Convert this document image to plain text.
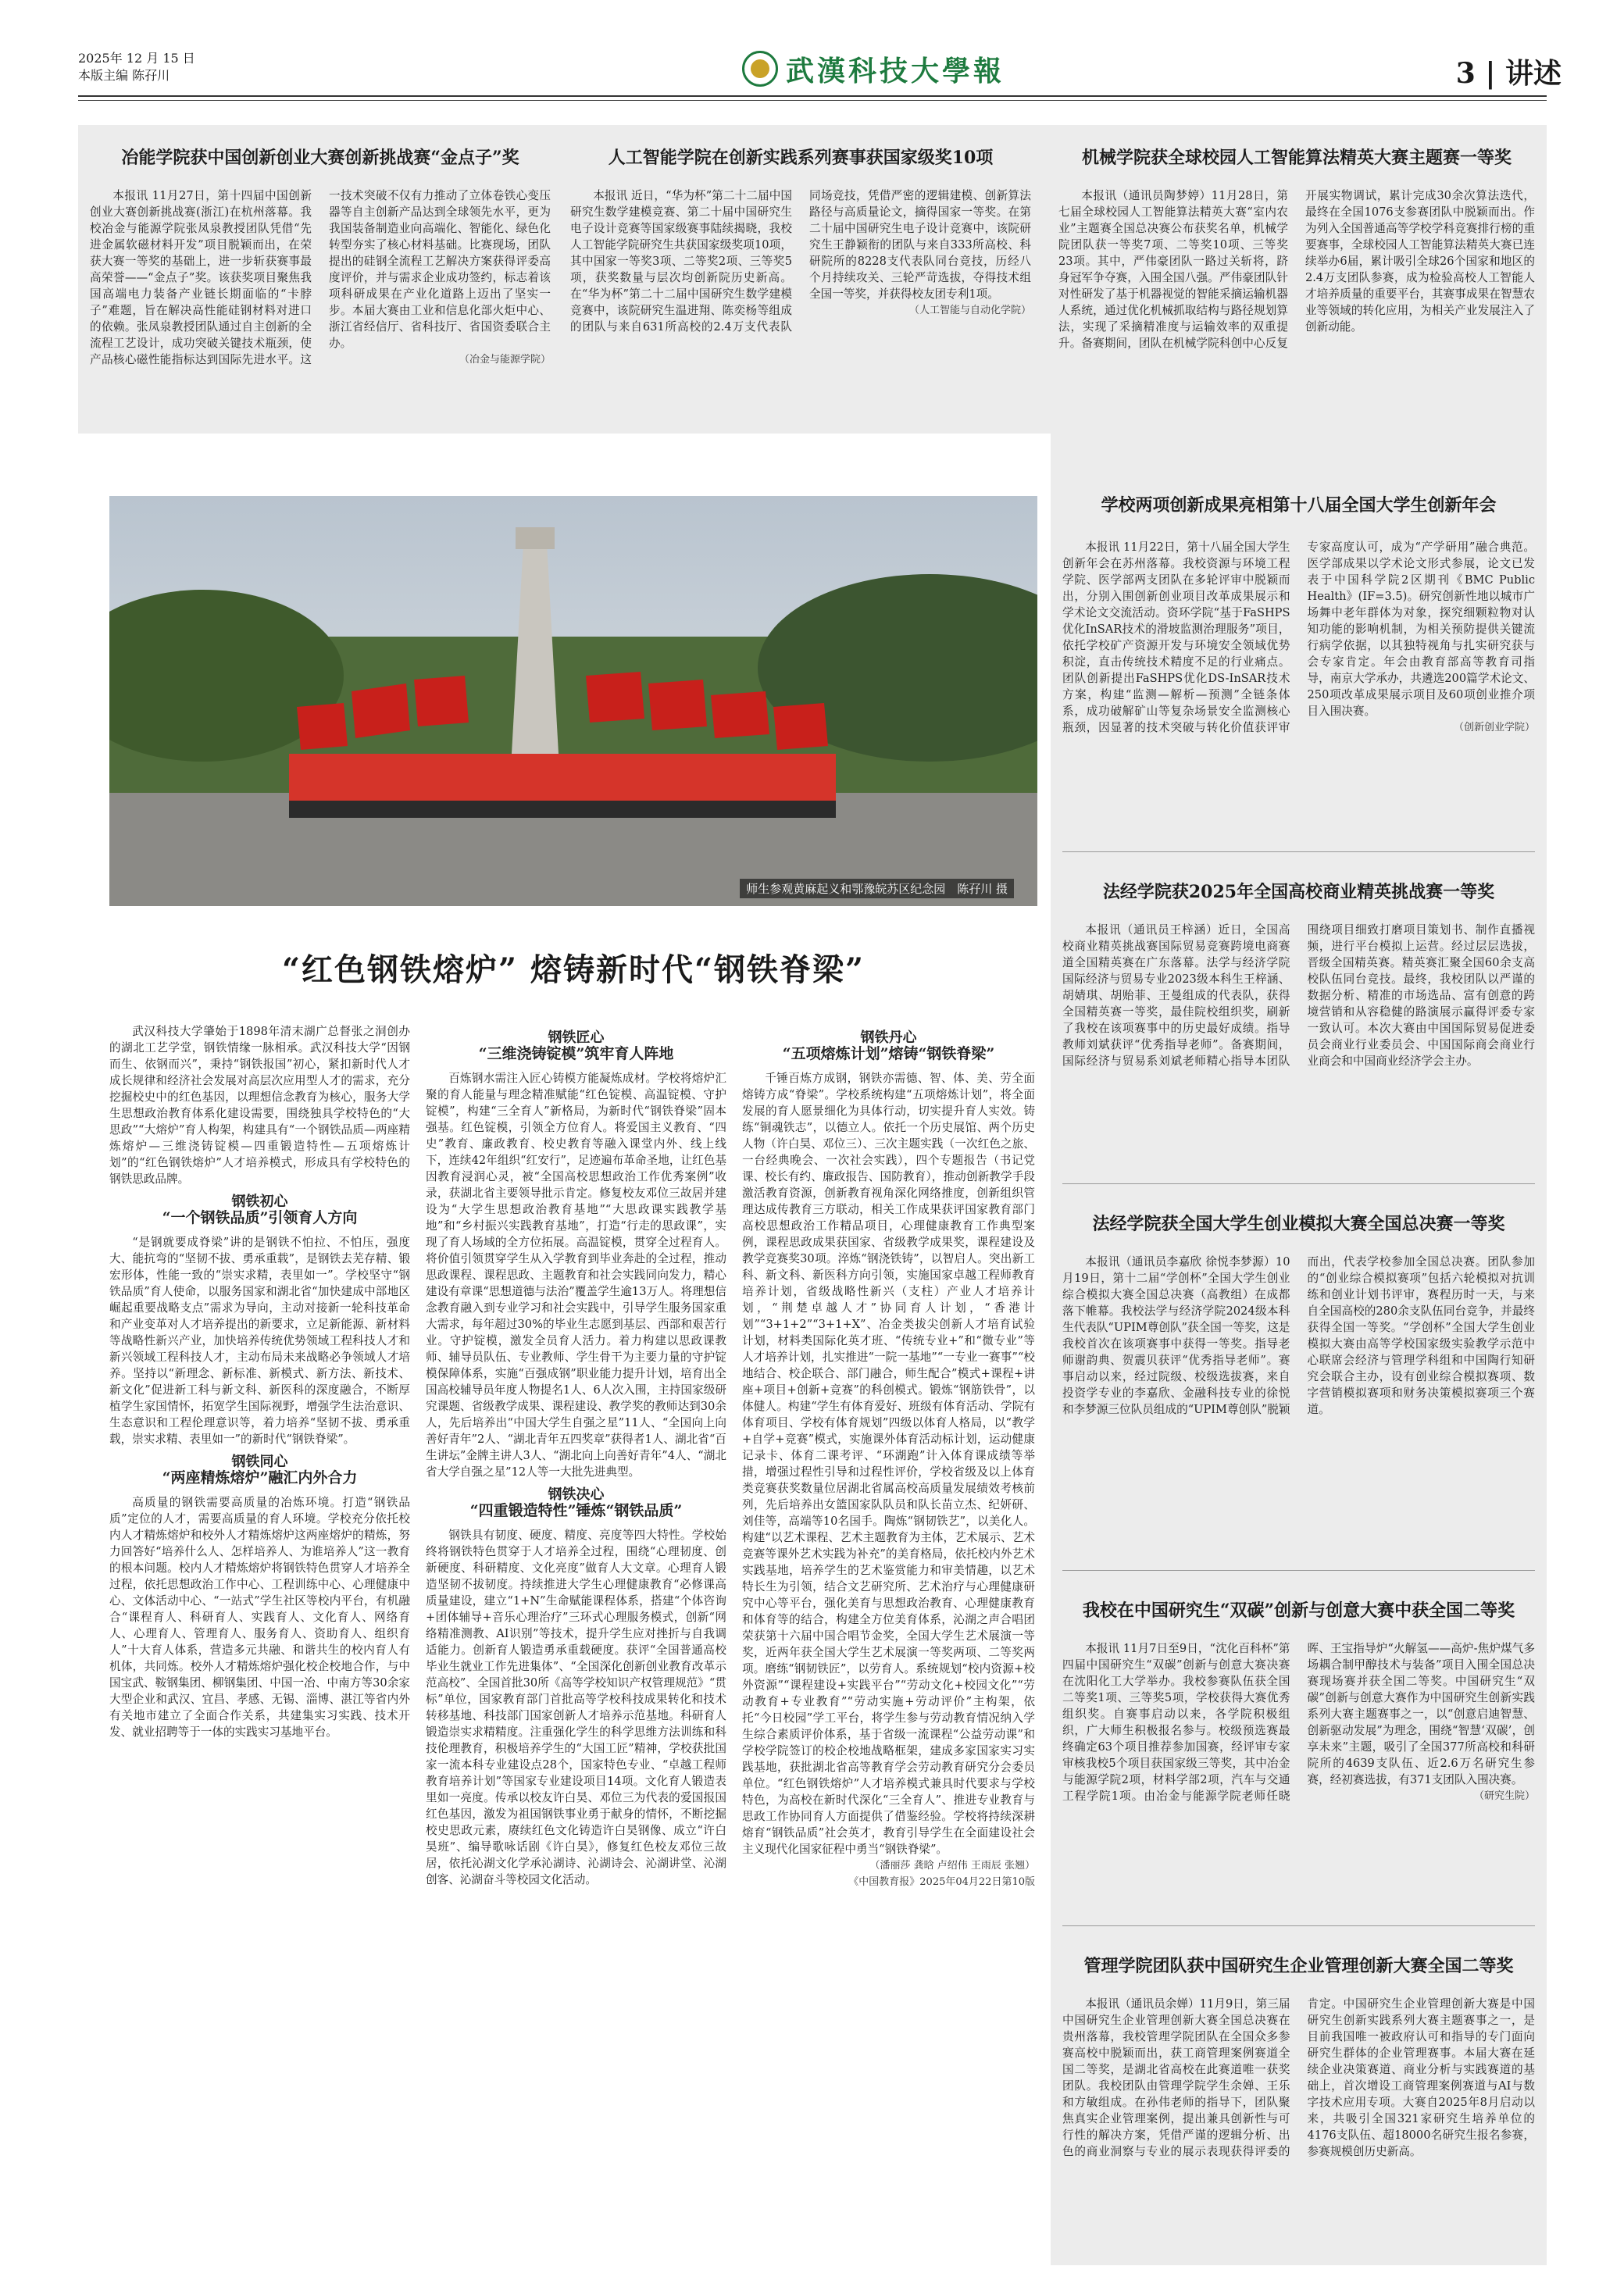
2025年 12 月 15 日
本版主编 陈孖川	武漢科技大學報	3 | 讲述
冶能学院获中国创新创业大赛创新挑战赛“金点子”奖

本报讯 11月27日，第十四届中国创新创业大赛创新挑战赛(浙江)在杭州落幕。我校冶金与能源学院张凤泉教授团队凭借“先进金属软磁材料开发”项目脱颖而出，在荣获大赛一等奖的基础上，进一步斩获赛事最高荣誉——“金点子”奖。该获奖项目聚焦我国高端电力装备产业链长期面临的“卡脖子”难题，旨在解决高性能硅钢材料对进口的依赖。张凤泉教授团队通过自主创新的全流程工艺设计，成功突破关键技术瓶颈，使产品核心磁性能指标达到国际先进水平。这一技术突破不仅有力推动了立体卷铁心变压器等自主创新产品达到全球领先水平，更为我国装备制造业向高端化、智能化、绿色化转型夯实了核心材料基础。比赛现场，团队提出的硅钢全流程工艺解决方案获得评委高度评价，并与需求企业成功签约，标志着该项科研成果在产业化道路上迈出了坚实一步。本届大赛由工业和信息化部火炬中心、浙江省经信厅、省科技厅、省国资委联合主办。

（冶金与能源学院）
人工智能学院在创新实践系列赛事获国家级奖10项

本报讯 近日，“华为杯”第二十二届中国研究生数学建模竞赛、第二十届中国研究生电子设计竞赛等国家级赛事陆续揭晓，我校人工智能学院研究生共获国家级奖项10项，其中国家一等奖3项、二等奖2项、三等奖5项，获奖数量与层次均创新院历史新高。在“华为杯”第二十二届中国研究生数学建模竞赛中，该院研究生温进翔、陈奕杨等组成的团队与来自631所高校的2.4万支代表队同场竞技，凭借严密的逻辑建模、创新算法路径与高质量论文，摘得国家一等奖。在第二十届中国研究生电子设计竞赛中，该院研究生王静颖衔的团队与来自333所高校、科研院所的8228支代表队同台竞技，历经八个月持续攻关、三轮严苛选拔，夺得技术组全国一等奖，并获得校友团专利1项。

（人工智能与自动化学院）
机械学院获全球校园人工智能算法精英大赛主题赛一等奖

本报讯（通讯员陶梦婷）11月28日，第七届全球校园人工智能算法精英大赛“室内农业”主题赛全国总决赛公布获奖名单，机械学院团队获一等奖7项、二等奖10项、三等奖23项。其中，严伟豪团队一路过关斩将，跻身冠军争夺赛，入围全国八强。严伟豪团队针对性研发了基于机器视觉的智能采摘运输机器人系统，通过优化机械抓取结构与路径规划算法，实现了采摘精准度与运输效率的双重提升。备赛期间，团队在机械学院科创中心反复开展实物调试，累计完成30余次算法迭代，最终在全国1076支参赛团队中脱颖而出。作为列入全国普通高等学校学科竞赛排行榜的重要赛事，全球校园人工智能算法精英大赛已连续举办6届，累计吸引全球26个国家和地区的2.4万支团队参赛，成为检验高校人工智能人才培养质量的重要平台，其赛事成果在智慧农业等领域的转化应用，为相关产业发展注入了创新动能。

师生参观黄麻起义和鄂豫皖苏区纪念园　陈孖川 摄
“红色钢铁熔炉” 熔铸新时代“钢铁脊梁”

武汉科技大学肇始于1898年清末湖广总督张之洞创办的湖北工艺学堂，钢铁情缘一脉相承。武汉科技大学“因钢而生、依钢而兴”，秉持“钢铁报国”初心，紧扣新时代人才成长规律和经济社会发展对高层次应用型人才的需求，充分挖掘校史中的红色基因，以理想信念教育为核心，服务大学生思想政治教育体系化建设需要，围绕独具学校特色的“大思政”“大熔炉”育人构架，构建具有“一个钢铁品质—两座精炼熔炉—三维浇铸锭模—四重锻造特性—五项熔炼计划”的“红色钢铁熔炉”人才培养模式，形成具有学校特色的钢铁思政品牌。

钢铁初心
“一个钢铁品质”引领育人方向

“是钢就要成脊梁”讲的是钢铁不怕拉、不怕压，强度大、能抗弯的“坚韧不拔、勇承重载”，是钢铁去芜存精、锻宏形体，性能一致的“崇实求精，表里如一”。学校坚守“钢铁品质”育人使命，以服务国家和湖北省“加快建成中部地区崛起重要战略支点”需求为导向，主动对接新一轮科技革命和产业变革对人才培养提出的新要求，立足新能源、新材料等战略性新兴产业，加快培养传统优势领域工程科技人才和新兴领域工程科技人才，主动布局未来战略必争领域人才培养。坚持以“新理念、新标准、新模式、新方法、新技术、新文化”促进新工科与新文科、新医科的深度融合，不断厚植学生家国情怀，拓宽学生国际视野，增强学生法治意识、生态意识和工程伦理意识等，着力培养“坚韧不拔、勇承重载，崇实求精、表里如一”的新时代“钢铁脊梁”。

钢铁同心
“两座精炼熔炉”融汇内外合力

高质量的钢铁需要高质量的冶炼环境。打造“钢铁品质”定位的人才，需要高质量的育人环境。学校充分依托校内人才精炼熔炉和校外人才精炼熔炉这两座熔炉的精炼，努力回答好“培养什么人、怎样培养人、为谁培养人”这一教育的根本问题。校内人才精炼熔炉将钢铁特色贯穿人才培养全过程，依托思想政治工作中心、工程训练中心、心理健康中心、文体活动中心、“一站式”学生社区等校内平台，有机融合“课程育人、科研育人、实践育人、文化育人、网络育人、心理育人、管理育人、服务育人、资助育人、组织育人”十大育人体系，营造多元共融、和谐共生的校内育人有机体，共同炼。校外人才精炼熔炉强化校企校地合作，与中国宝武、鞍钢集团、柳钢集团、中国一冶、中南方等30余家大型企业和武汉、宜昌、孝感、无锡、淄博、湛江等省内外有关地市建立了全面合作关系，共建集实习实践、技术开发、就业招聘等于一体的实践实习基地平台。

钢铁匠心
“三维浇铸锭模”筑牢育人阵地

百炼钢水需注入匠心铸模方能凝炼成材。学校将熔炉汇聚的育人能量与理念精准赋能“红色锭模、高温锭模、守护锭模”，构建“三全育人”新格局，为新时代“钢铁脊梁”固本强基。红色锭模，引领全方位育人。将爱国主义教育、“四史”教育、廉政教育、校史教育等融入课堂内外、线上线下，连续42年组织“红安行”，足迹遍布革命圣地，让红色基因教育浸润心灵，被“全国高校思想政治工作优秀案例”收录，获湖北省主要领导批示肯定。修复校友邓位三故居并建设为“大学生思想政治教育基地”“大思政课实践教学基地”和“乡村振兴实践教育基地”，打造“行走的思政课”，实现了育人场域的全方位拓展。高温锭模，贯穿全过程育人。将价值引领贯穿学生从入学教育到毕业奔赴的全过程，推动思政课程、课程思政、主题教育和社会实践同向发力，精心建设有章课“思想道德与法治”覆盖学生逾13万人。将理想信念教育融入到专业学习和社会实践中，引导学生服务国家重大需求，每年超过30%的毕业生志愿到基层、西部和艰苦行业。守护锭模，激发全员育人活力。着力构建以思政课教师、辅导员队伍、专业教师、学生骨干为主要力量的守护锭模保障体系，实施“百强成钢”职业能力提升计划，培育出全国高校辅导员年度人物提名1人、6人次入围，主持国家级研究课题、省级教学成果、课程建设、教学奖的教师达到30余人，先后培养出“中国大学生自强之星”11人、“全国向上向善好青年”2人、“湖北青年五四奖章”获得者1人、湖北省“百生讲坛”金牌主讲人3人、“湖北向上向善好青年”4人、“湖北省大学自强之星”12人等一大批先进典型。

钢铁决心
“四重锻造特性”锤炼“钢铁品质”

钢铁具有韧度、硬度、精度、亮度等四大特性。学校始终将钢铁特色贯穿于人才培养全过程，围绕“心理韧度、创新硬度、科研精度、文化亮度”做育人大文章。心理育人锻造坚韧不拔韧度。持续推进大学生心理健康教育“必修课高质量建设，建立“1+N”生命赋能课程体系，搭建“个体咨询+团体辅导+音乐心理治疗”三环式心理服务模式，创新“网络精准测教、AI识别”等技术，提升学生应对挫折与自我调适能力。创新育人锻造勇承重载硬度。获评“全国普通高校毕业生就业工作先进集体”、“全国深化创新创业教育改革示范高校”、全国首批30所《高等学校知识产权管理规范》“贯标”单位，国家教育部门首批高等学校科技成果转化和技术转移基地、科技部门国家创新人才培养示范基地。科研育人锻造崇实求精精度。注重强化学生的科学思维方法训练和科技伦理教育，积极培养学生的“大国工匠”精神，学校获批国家一流本科专业建设点28个，国家特色专业、“卓越工程师教育培养计划”等国家专业建设项目14项。文化育人锻造表里如一亮度。传承以校友许白昊、邓位三为代表的爱国报国红色基因，激发为祖国钢铁事业勇于献身的情怀，不断挖掘校史思政元素，赓续红色文化铸造许白昊钢像、成立“许白昊班”、编导歌咏话剧《许白昊》，修复红色校友邓位三故居，依托沁湖文化学承沁湖诗、沁湖诗会、沁湖讲堂、沁湖创客、沁湖奋斗等校园文化活动。

钢铁丹心
“五项熔炼计划”熔铸“钢铁脊梁”

千锤百炼方成钢，钢铁亦需德、智、体、美、劳全面熔铸方成“脊梁”。学校系统构建“五项熔炼计划”，将全面发展的育人愿景细化为具体行动，切实提升育人实效。铸练“铜魂铁志”，以德立人。依托一个历史展馆、两个历史人物（许白昊、邓位三）、三次主题实践（一次红色之旅、一台经典晚会、一次社会实践），四个专题报告（书记党课、校长有约、廉政报告、国防教育），推动创新教学手段激活教育资源，创新教育视角深化网络推度，创新组织管理达成传教育三方联动，相关工作成果获评国家教育部门高校思想政治工作精品项目，心理健康教育工作典型案例，课程思政成果获国家、省级教学成果奖，课程建设及教学竞赛奖30项。淬炼“钢浇铁铸”，以智启人。突出新工科、新文科、新医科方向引领，实施国家卓越工程师教育培养计划，省级战略性新兴（支柱）产业人才培养计划，“荆楚卓越人才”协同育人计划，“香港计划”“3+1+2”“3+1+X”、冶金类拔尖创新人才培育试验计划，材料类国际化英才班、“传统专业+”和“微专业”等人才培养计划，扎实推进“一院一基地”“一专业一赛事”“校地结合、校企联合、部门融合，师生配合”模式+课程+讲座+项目+创新+竞赛”的科创模式。锻炼“钢筋铁骨”，以体健人。构建“学生有体育爱好、班级有体育活动、学院有体育项目、学校有体育规划”四级以体育人格局，以“教学+自学+竞赛”模式，实施课外体育活动标计划，运动健康记录卡、体育二课考评、“环湖跑”计入体育课成绩等举措，增强过程性引导和过程性评价，学校省级及以上体育类竞赛获奖数量位居湖北省属高校高质量发展绩效考核前列，先后培养出女篮国家队队员和队长苗立杰、纪妍研、刘佳等，高端等10名国手。陶炼“钢韧铁艺”，以美化人。构建“以艺术课程、艺术主题教育为主体，艺术展示、艺术竞赛等课外艺术实践为补充”的美育格局，依托校内外艺术实践基地，培养学生的艺术鉴赏能力和审美情趣，以艺术特长生为引领，结合文艺研究所、艺术治疗与心理健康研究中心等平台，强化美育与思想政治教育、心理健康教育和体育等的结合，构建全方位美育体系，沁湖之声合唱团荣获第十六届中国合唱节金奖，全国大学生艺术展演一等奖，近两年获全国大学生艺术展演一等奖两项、二等奖两项。磨练“钢韧铁匠”，以劳育人。系统规划“校内资源+校外资源”“课程建设+实践平台”“劳动文化+校园文化”“劳动教育+专业教育”“劳动实施+劳动评价”主构架，依托“今日校园”学工平台，将学生参与劳动教育情况纳入学生综合素质评价体系，基于省级一流课程“公益劳动课”和学校学院签订的校企校地战略框架，建成多家国家实习实践基地，获批湖北省高等教育学会劳动教育研究分会委员单位。“红色钢铁熔炉”人才培养模式兼具时代要求与学校特色，为高校在新时代深化“三全育人”、推进专业教育与思政工作协同育人方面提供了借鉴经验。学校将持续深耕熔育“钢铁品质”社会英才，教育引导学生在全面建设社会主义现代化国家征程中勇当“钢铁脊梁”。

（潘丽莎 龚晗 卢绍伟 王雨辰 张翘）
《中国教育报》2025年04月22日第10版
学校两项创新成果亮相第十八届全国大学生创新年会

本报讯 11月22日，第十八届全国大学生创新年会在苏州落幕。我校资源与环境工程学院、医学部两支团队在多轮评审中脱颖而出，分别入围创新创业项目改革成果展示和学术论文交流活动。资环学院“基于FaSHPS优化InSAR技术的滑坡监测治理服务”项目，依托学校矿产资源开发与环境安全领域优势积淀，直击传统技术精度不足的行业痛点。团队创新提出FaSHPS优化DS-InSAR技术方案，构建“监测—解析—预测”全链条体系，成功破解矿山等复杂场景安全监测核心瓶颈，因显著的技术突破与转化价值获评审专家高度认可，成为“产学研用”融合典范。医学部成果以学术论文形式参展，论文已发表于中国科学院2区期刊《BMC Public Health》(IF=3.5)。研究创新性地以城市广场舞中老年群体为对象，探究细颗粒物对认知功能的影响机制，为相关预防提供关键流行病学依据，以其独特视角与扎实研究获与会专家肯定。年会由教育部高等教育司指导，南京大学承办，共遴选200篇学术论文、250项改革成果展示项目及60项创业推介项目入围决赛。

（创新创业学院）
法经学院获2025年全国高校商业精英挑战赛一等奖

本报讯（通讯员王梓涵）近日，全国高校商业精英挑战赛国际贸易竞赛跨境电商赛道全国精英赛在广东落幕。法学与经济学院国际经济与贸易专业2023级本科生王梓涵、胡婧琪、胡贻菲、王曼组成的代表队，获得全国精英赛一等奖，最佳院校组织奖，刷新了我校在该项赛事中的历史最好成绩。指导教师刘斌获评“优秀指导老师”。备赛期间，国际经济与贸易系刘斌老师精心指导本团队围绕项目细致打磨项目策划书、制作直播视频，进行平台模拟上运营。经过层层选拔，晋级全国精英赛。精英赛汇聚全国60余支高校队伍同台竞技。最终，我校团队以严谨的数据分析、精准的市场选品、富有创意的跨境营销和从容稳健的路演展示赢得评委专家一致认可。本次大赛由中国国际贸易促进委员会商业行业委员会、中国国际商会商业行业商会和中国商业经济学会主办。

法经学院获全国大学生创业模拟大赛全国总决赛一等奖

本报讯（通讯员李嘉欣 徐悦李梦源）10月19日，第十二届“学创杯”全国大学生创业综合模拟大赛全国总决赛（高教组）在成都落下帷幕。我校法学与经济学院2024级本科生代表队“UPIM尊创队”获全国一等奖，这是我校首次在该项赛事中获得一等奖。指导老师谢韵典、贺震贝获评“优秀指导老师”。赛事启动以来，经过院级、校级选拔赛，来自投资学专业的李嘉欣、金融科技专业的徐悦和李梦源三位队员组成的“UPIM尊创队”脱颖而出，代表学校参加全国总决赛。团队参加的“创业综合模拟赛项”包括六轮模拟对抗训练和创业计划书评审，赛程历时一天，与来自全国高校的280余支队伍同台竞争，并最终获得全国一等奖。“学创杯”全国大学生创业模拟大赛由高等学校国家级实验教学示范中心联席会经济与管理学科组和中国陶行知研究会联合主办，设有创业综合模拟赛项、数字营销模拟赛项和财务决策模拟赛项三个赛道。

我校在中国研究生“双碳”创新与创意大赛中获全国二等奖

本报讯 11月7日至9日，“沈化百科杯”第四届中国研究生“双碳”创新与创意大赛决赛在沈阳化工大学举办。我校参赛队伍获全国二等奖1项、三等奖5项，学校获得大赛优秀组织奖。自赛事启动以来，各学院积极组织，广大师生积极报名参与。校级预选赛最终确定63个项目推荐参加国赛，经评审专家审核我校5个项目获国家级三等奖，其中冶金与能源学院2项，材料学部2项，汽车与交通工程学院1项。由冶金与能源学院老师任晓晖、王宝指导炉“火解氢——高炉-焦炉煤气多场耦合制甲醇技术与装备”项目入围全国总决赛现场赛并获全国二等奖。中国研究生“双碳”创新与创意大赛作为中国研究生创新实践系列大赛主题赛事之一，以“创意启迪智慧、创新驱动发展”为理念，围绕“智慧‘双碳’，创享未来”主题，吸引了全国377所高校和科研院所的4639支队伍、近2.6万名研究生参赛，经初赛选拔，有371支团队入围决赛。

（研究生院）
管理学院团队获中国研究生企业管理创新大赛全国二等奖

本报讯（通讯员余婵）11月9日，第三届中国研究生企业管理创新大赛全国总决赛在贵州落幕，我校管理学院团队在全国众多参赛高校中脱颖而出，获工商管理案例赛道全国二等奖，是湖北省高校在此赛道唯一获奖团队。我校团队由管理学院学生余婵、王乐和方敏组成。在孙伟老师的指导下，团队聚焦真实企业管理案例，提出兼具创新性与可行性的解决方案，凭借严谨的逻辑分析、出色的商业洞察与专业的展示表现获得评委的肯定。中国研究生企业管理创新大赛是中国研究生创新实践系列大赛主题赛事之一，是目前我国唯一被政府认可和指导的专门面向研究生群体的企业管理赛事。本届大赛在延续企业决策赛道、商业分析与实践赛道的基础上，首次增设工商管理案例赛道与AI与数字技术应用专项。大赛自2025年8月启动以来，共吸引全国321家研究生培养单位的4176支队伍、超18000名研究生报名参赛，参赛规模创历史新高。
